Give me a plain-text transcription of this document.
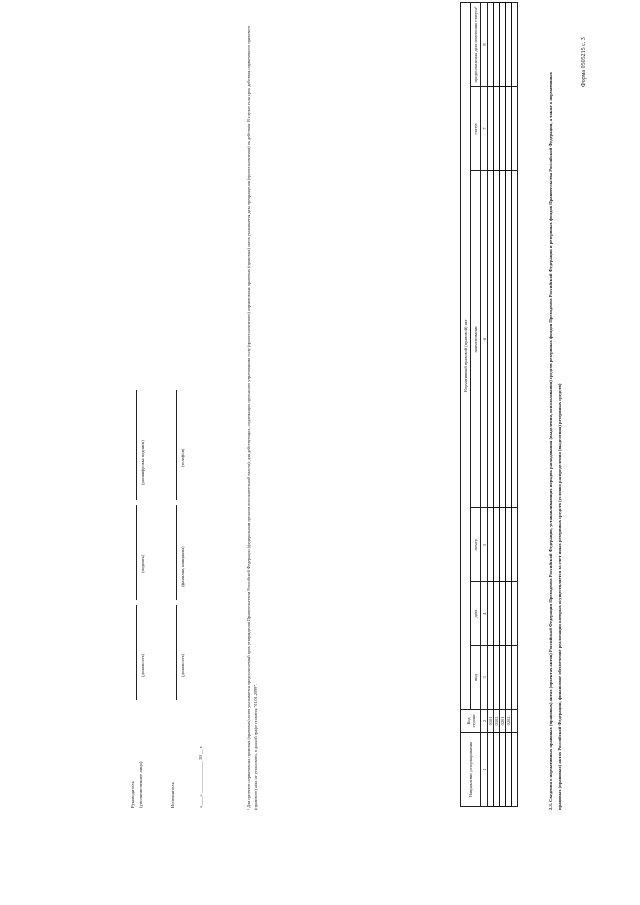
Форма 0505215 с. 3
2.3. Сведения о нормативных правовых (правовых) актах (проектах актов) Российской Федерации Президента Российской Федерации, устанавливающих порядок расходования (выделения, использования) средств резервных фондов Президента Российской Федерации и резервных фондов Правительства Российской Федерации, а также о нормативных правовых (правовых) актах Российской Федерации, финансовое обеспечение реализации которых осуществляется за счет иных резервных средств (условно распределения (выделения) резервных средств)
Направление резервирования	Код строки	Нормативный правовой (правовой) акт					
		вид	дата	номер	наименование	статус	предполагаемая дата изменения статуса¹
1	2	3	4	5	6	7	8
	0101						
	0102						
	0201						
	0202						

¹ Для проектов нормативных правовых (правовых) актов указывается предполагаемый срок утверждения Правительством Российской Федерации (федеральным органом исполнительной власти); для действующих, подлежащих признанию утратившими силу (приостановлению) нормативных правовых (правовых) актов указывается дата прекращения (приостановления) их действия. В случае если срок действия нормативного правового (правового) акта не установлен, в данной графе ставится "01.01.2099".
Руководитель (уполномоченное лицо)
(должность)
(подпись)
(расшифровка подписи)
Исполнитель
(должность)
(фамилия, инициалы)
(телефон)
«____» ______________ 20 __ г.
